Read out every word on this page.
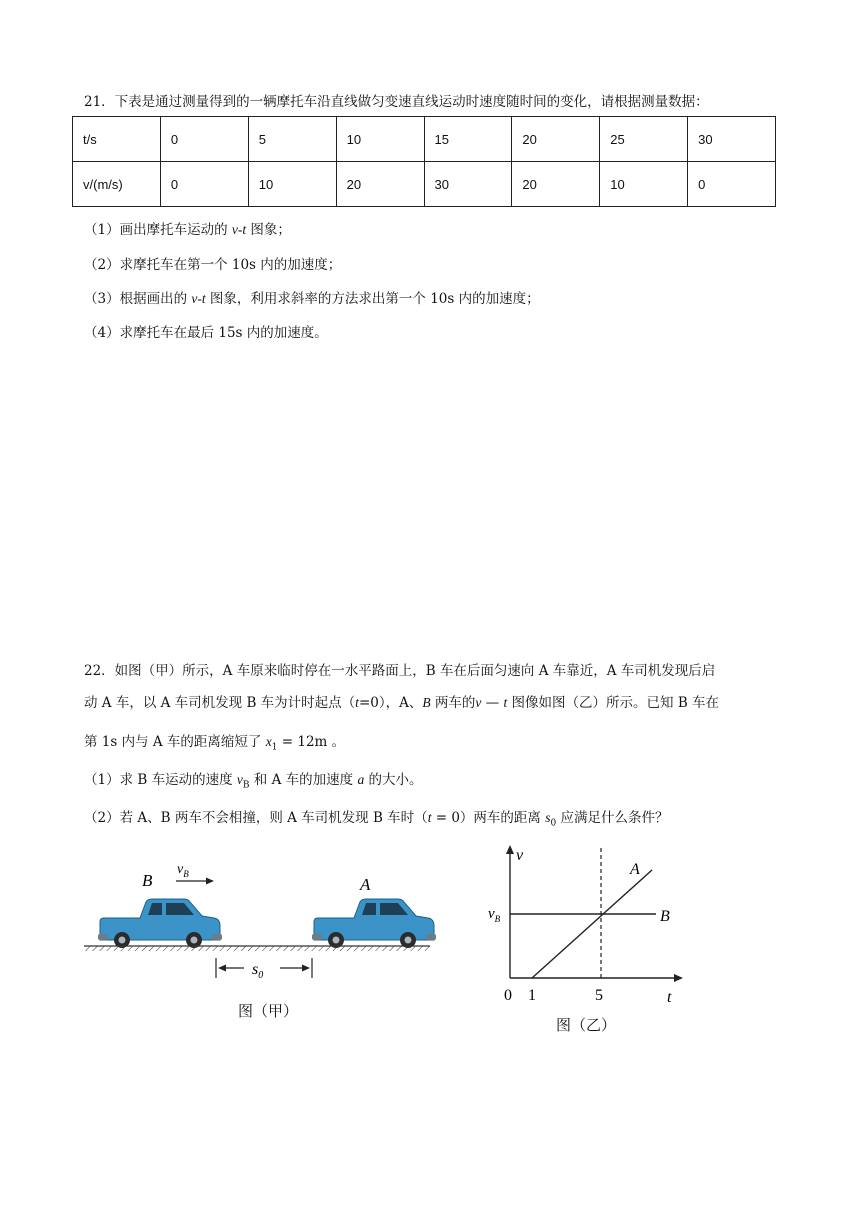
21．下表是通过测量得到的一辆摩托车沿直线做匀变速直线运动时速度随时间的变化，请根据测量数据：
t/s	0	5	10	15	20	25	30
v/(m/s)	0	10	20	30	20	10	0
（1）画出摩托车运动的 v-t 图象；
（2）求摩托车在第一个 10s 内的加速度；
（3）根据画出的 v-t 图象，利用求斜率的方法求出第一个 10s 内的加速度；
（4）求摩托车在最后 15s 内的加速度。
22．如图（甲）所示，A 车原来临时停在一水平路面上，B 车在后面匀速向 A 车靠近，A 车司机发现后启
动 A 车，以 A 车司机发现 B 车为计时起点（t=0），A、B 两车的v — t 图像如图（乙）所示。已知 B 车在
第 1s 内与 A 车的距离缩短了 $x_1 = 12m$ 。
（1）求 B 车运动的速度 $v_B$ 和 A 车的加速度 a 的大小。
（2）若 A、B 两车不会相撞，则 A 车司机发现 B 车时（t = 0）两车的距离 $s_0$ 应满足什么条件？
B
$v_B$
A
$s_0$
图（甲）
v
t
0 1	5
$v_B$	B
A
图（乙）
